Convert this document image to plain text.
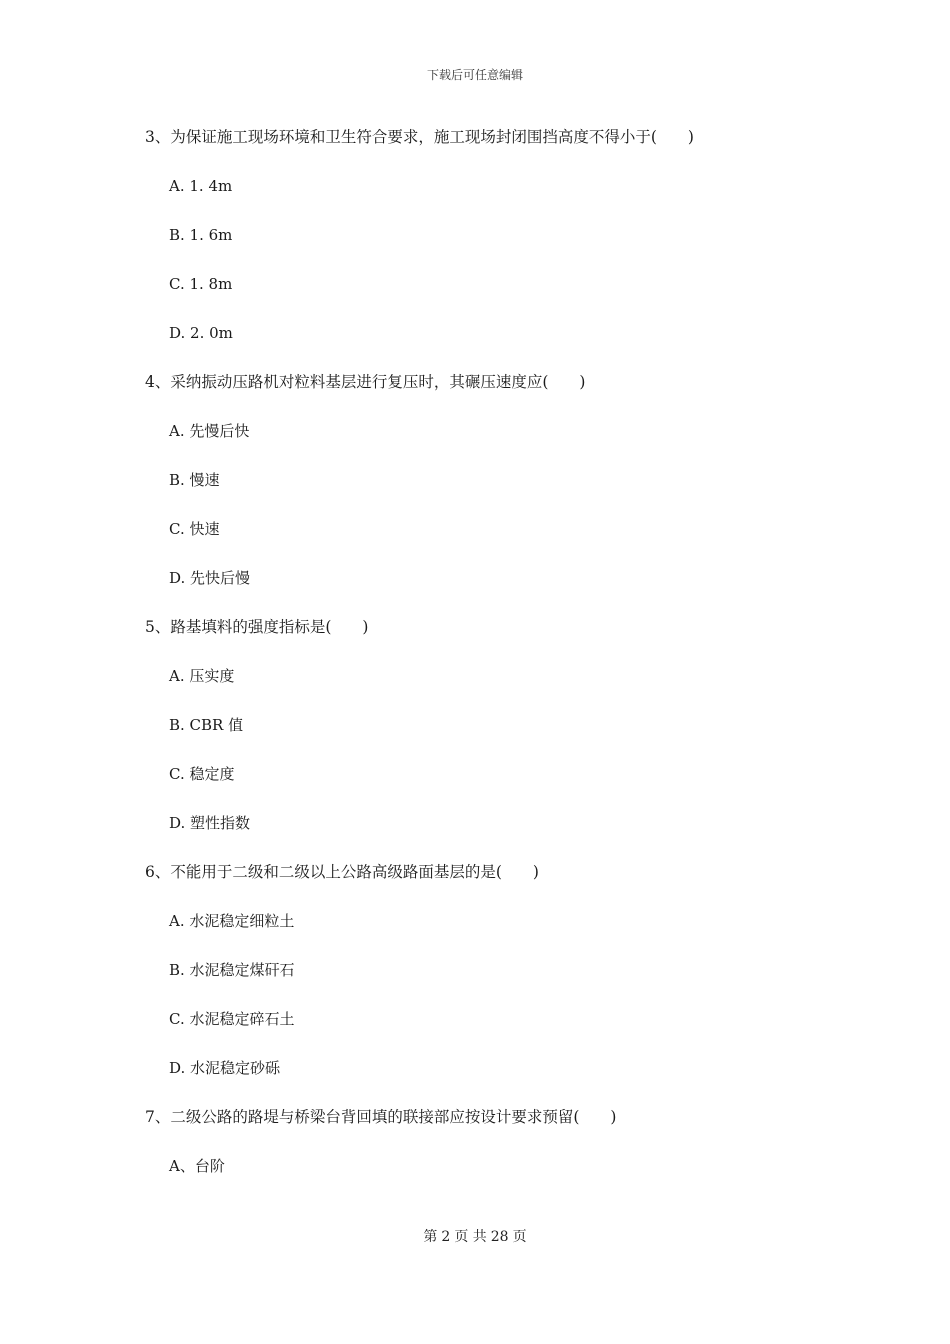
下载后可任意编辑
3、为保证施工现场环境和卫生符合要求，施工现场封闭围挡高度不得小于(　　)
A. 1. 4m
B. 1. 6m
C. 1. 8m
D. 2. 0m
4、采纳振动压路机对粒料基层进行复压时，其碾压速度应(　　)
A. 先慢后快
B. 慢速
C. 快速
D. 先快后慢
5、路基填料的强度指标是(　　)
A. 压实度
B. CBR 值
C. 稳定度
D. 塑性指数
6、不能用于二级和二级以上公路高级路面基层的是(　　)
A. 水泥稳定细粒土
B. 水泥稳定煤矸石
C. 水泥稳定碎石土
D. 水泥稳定砂砾
7、二级公路的路堤与桥梁台背回填的联接部应按设计要求预留(　　)
A、台阶
第 2 页 共 28 页
